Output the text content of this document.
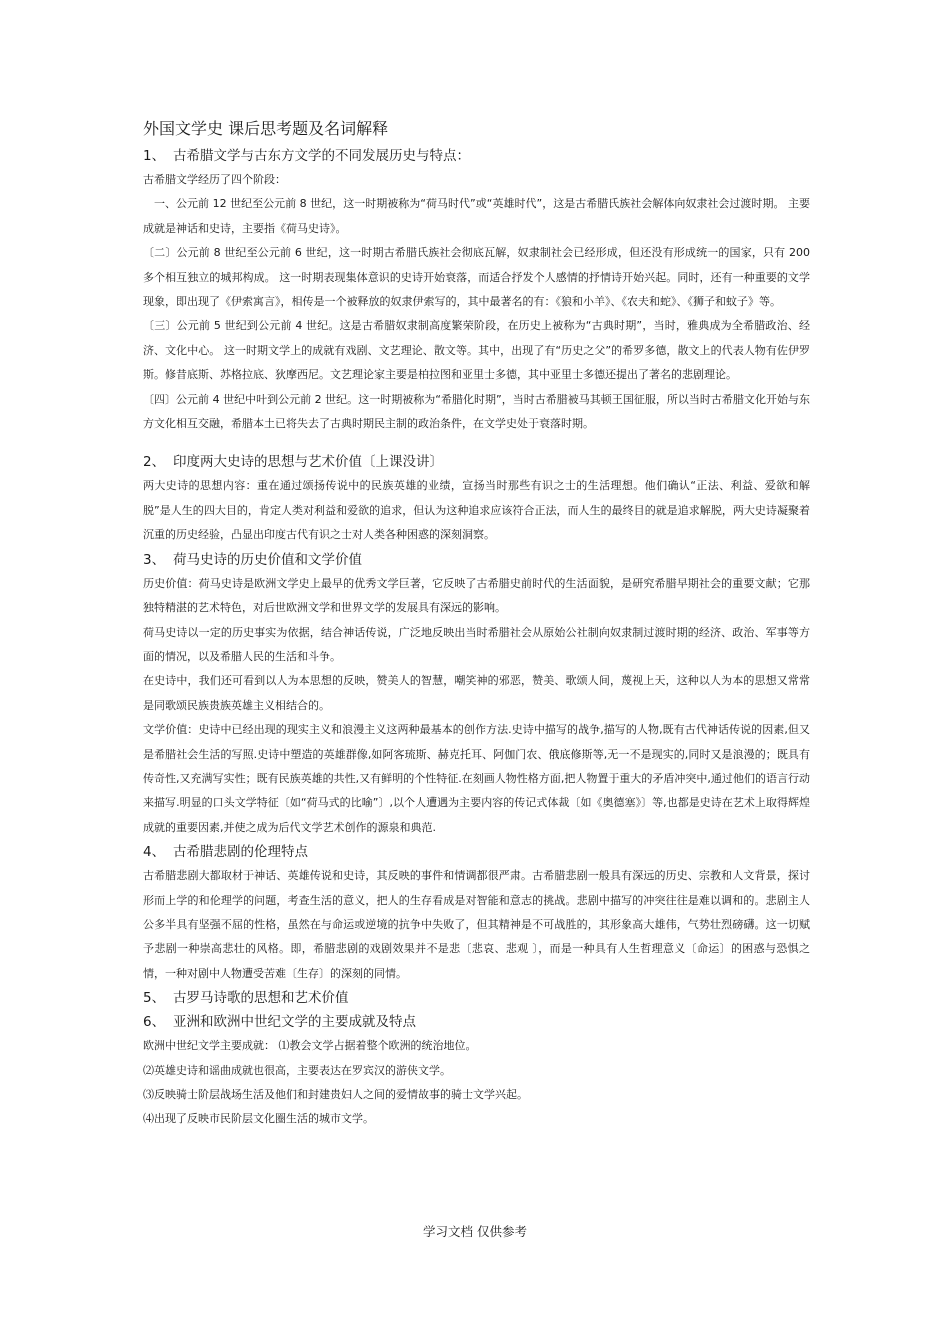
外国文学史 课后思考题及名词解释
1、 古希腊文学与古东方文学的不同发展历史与特点：

古希腊文学经历了四个阶段：

一、公元前 12 世纪至公元前 8 世纪，这一时期被称为“荷马时代”或“英雄时代”，这是古希腊氏族社会解体向奴隶社会过渡时期。 主要成就是神话和史诗，主要指《荷马史诗》。

〔二〕公元前 8 世纪至公元前 6 世纪，这一时期古希腊氏族社会彻底瓦解，奴隶制社会已经形成，但还没有形成统一的国家，只有 200 多个相互独立的城邦构成。 这一时期表现集体意识的史诗开始衰落，而适合抒发个人感情的抒情诗开始兴起。同时，还有一种重要的文学现象，即出现了《伊索寓言》，相传是一个被释放的奴隶伊索写的，其中最著名的有：《狼和小羊》、《农夫和蛇》、《狮子和蚊子》等。

〔三〕公元前 5 世纪到公元前 4 世纪。这是古希腊奴隶制高度繁荣阶段，在历史上被称为“古典时期”，当时，雅典成为全希腊政治、经济、文化中心。 这一时期文学上的成就有戏剧、文艺理论、散文等。其中，出现了有“历史之父”的希罗多德，散文上的代表人物有佐伊罗斯。修昔底斯、苏格拉底、狄摩西尼。文艺理论家主要是柏拉图和亚里士多德，其中亚里士多德还提出了著名的悲剧理论。

〔四〕公元前 4 世纪中叶到公元前 2 世纪。这一时期被称为“希腊化时期”，当时古希腊被马其顿王国征服，所以当时古希腊文化开始与东方文化相互交融，希腊本土已将失去了古典时期民主制的政治条件，在文学史处于衰落时期。

2、 印度两大史诗的思想与艺术价值〔上课没讲〕

两大史诗的思想内容：重在通过颂扬传说中的民族英雄的业绩，宣扬当时那些有识之士的生活理想。他们确认“正法、利益、爱欲和解脱”是人生的四大目的，肯定人类对利益和爱欲的追求，但认为这种追求应该符合正法，而人生的最终目的就是追求解脱，两大史诗凝聚着沉重的历史经验，凸显出印度古代有识之士对人类各种困惑的深刻洞察。

3、 荷马史诗的历史价值和文学价值

历史价值：荷马史诗是欧洲文学史上最早的优秀文学巨著，它反映了古希腊史前时代的生活面貌，是研究希腊早期社会的重要文献；它那独特精湛的艺术特色，对后世欧洲文学和世界文学的发展具有深远的影响。

荷马史诗以一定的历史事实为依据，结合神话传说，广泛地反映出当时希腊社会从原始公社制向奴隶制过渡时期的经济、政治、军事等方面的情况，以及希腊人民的生活和斗争。

在史诗中，我们还可看到以人为本思想的反映，赞美人的智慧，嘲笑神的邪恶，赞美、歌颂人间，蔑视上天，这种以人为本的思想又常常是同歌颂民族贵族英雄主义相结合的。

文学价值：史诗中已经出现的现实主义和浪漫主义这两种最基本的创作方法.史诗中描写的战争,描写的人物,既有古代神话传说的因素,但又是希腊社会生活的写照.史诗中塑造的英雄群像,如阿客琉斯、赫克托耳、阿伽门农、俄底修斯等,无一不是现实的,同时又是浪漫的；既具有传奇性,又充满写实性；既有民族英雄的共性,又有鲜明的个性特征.在刻画人物性格方面,把人物置于重大的矛盾冲突中,通过他们的语言行动来描写.明显的口头文学特征〔如“荷马式的比喻”〕,以个人遭遇为主要内容的传记式体裁〔如《奥德塞》〕等,也都是史诗在艺术上取得辉煌成就的重要因素,并使之成为后代文学艺术创作的源泉和典范.

4、 古希腊悲剧的伦理特点

古希腊悲剧大都取材于神话、英雄传说和史诗，其反映的事件和情调都很严肃。古希腊悲剧一般具有深远的历史、宗教和人文背景，探讨形而上学的和伦理学的问题，考查生活的意义，把人的生存看成是对智能和意志的挑战。悲剧中描写的冲突往往是难以调和的。悲剧主人公多半具有坚强不屈的性格，虽然在与命运或逆境的抗争中失败了，但其精神是不可战胜的，其形象高大雄伟，气势壮烈磅礴。这一切赋予悲剧一种崇高悲壮的风格。即，希腊悲剧的戏剧效果并不是悲〔悲哀、悲观 〕，而是一种具有人生哲理意义〔命运〕的困惑与恐惧之情，一种对剧中人物遭受苦难〔生存〕的深刻的同情。

5、 古罗马诗歌的思想和艺术价值
6、 亚洲和欧洲中世纪文学的主要成就及特点

欧洲中世纪文学主要成就： ⑴教会文学占据着整个欧洲的统治地位。

⑵英雄史诗和谣曲成就也很高，主要表达在罗宾汉的游侠文学。

⑶反映骑士阶层战场生活及他们和封建贵妇人之间的爱情故事的骑士文学兴起。

⑷出现了反映市民阶层文化圈生活的城市文学。

学习文档 仅供参考
